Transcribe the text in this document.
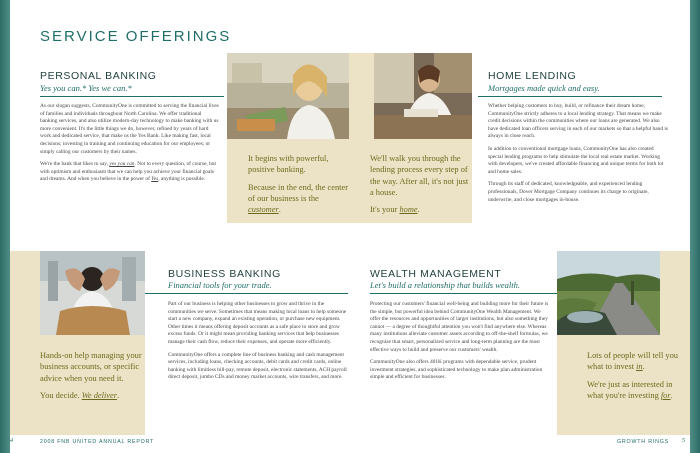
SERVICE OFFERINGS
PERSONAL BANKING
Yes you can.* Yes we can.*

As our slogan suggests, CommunityOne is committed to serving the financial lives of families and individuals throughout North Carolina. We offer traditional banking services, and also utilize modern-day technology to make banking with us more convenient. It's the little things we do, however, refined by years of hard work and dedicated service, that make us the Yes Bank. Like making fast, local decisions; investing in training and continuing education for our employees; or simply calling our customers by their names.

We're the bank that likes to say, yes you can. Not to every question, of course, but with optimism and enthusiasm that we can help you achieve your financial goals and dreams. And when you believe in the power of Yes, anything is possible.

It begins with powerful, positive banking.

Because in the end, the center of our business is the customer.

We'll walk you through the lending process every step of the way. After all, it's not just a house.

It's your home.

HOME LENDING
Mortgages made quick and easy.

Whether helping customers to buy, build, or refinance their dream home, CommunityOne strictly adheres to a local lending strategy. That means we make credit decisions within the communities where our loans are generated. We also have dedicated loan officers serving in each of our markets so that a helpful hand is always in close reach.

In addition to conventional mortgage loans, CommunityOne has also created special lending programs to help stimulate the local real estate market. Working with developers, we've created affordable financing and unique terms for both lot and home sales.

Through its staff of dedicated, knowledgeable, and experienced lending professionals, Dover Mortgage Company continues its charge to originate, underwrite, and close mortgages in-house.

BUSINESS BANKING
Financial tools for your trade.

Part of our business is helping other businesses to grow and thrive in the communities we serve. Sometimes that means making local loans to help someone start a new company, expand an existing operation, or purchase new equipment. Other times it means offering deposit accounts as a safe place to store and grow excess funds. Or it might mean providing banking services that help businesses manage their cash flow, reduce their expenses, and operate more efficiently.

CommunityOne offers a complete line of business banking and cash management services, including loans, checking accounts, debit cards and credit cards, online banking with limitless bill-pay, remote deposit, electronic statements, ACH payroll direct deposit, jumbo CDs and money market accounts, wire transfers, and more.

Hands-on help managing your business accounts, or specific advice when you need it.

You decide. We deliver.

WEALTH MANAGEMENT
Let's build a relationship that builds wealth.

Protecting our customers' financial well-being and building more for their future is the simple, but powerful idea behind CommunityOne Wealth Management. We offer the resources and opportunities of larger institutions, but also something they cannot — a degree of thoughtful attention you won't find anywhere else. Whereas many institutions alleviate customer assets according to off-the-shelf formulas, we recognize that smart, personalized service and long-term planning are the most effective ways to build and preserve our customers' wealth.

CommunityOne also offers 401K programs with dependable service, prudent investment strategies, and sophisticated technology to make plan administration simple and efficient for businesses.

Lots of people will tell you what to invest in.

We're just as interested in what you're investing for.

4	2008 FNB UNITED ANNUAL REPORT	GROWTH RINGS 5
